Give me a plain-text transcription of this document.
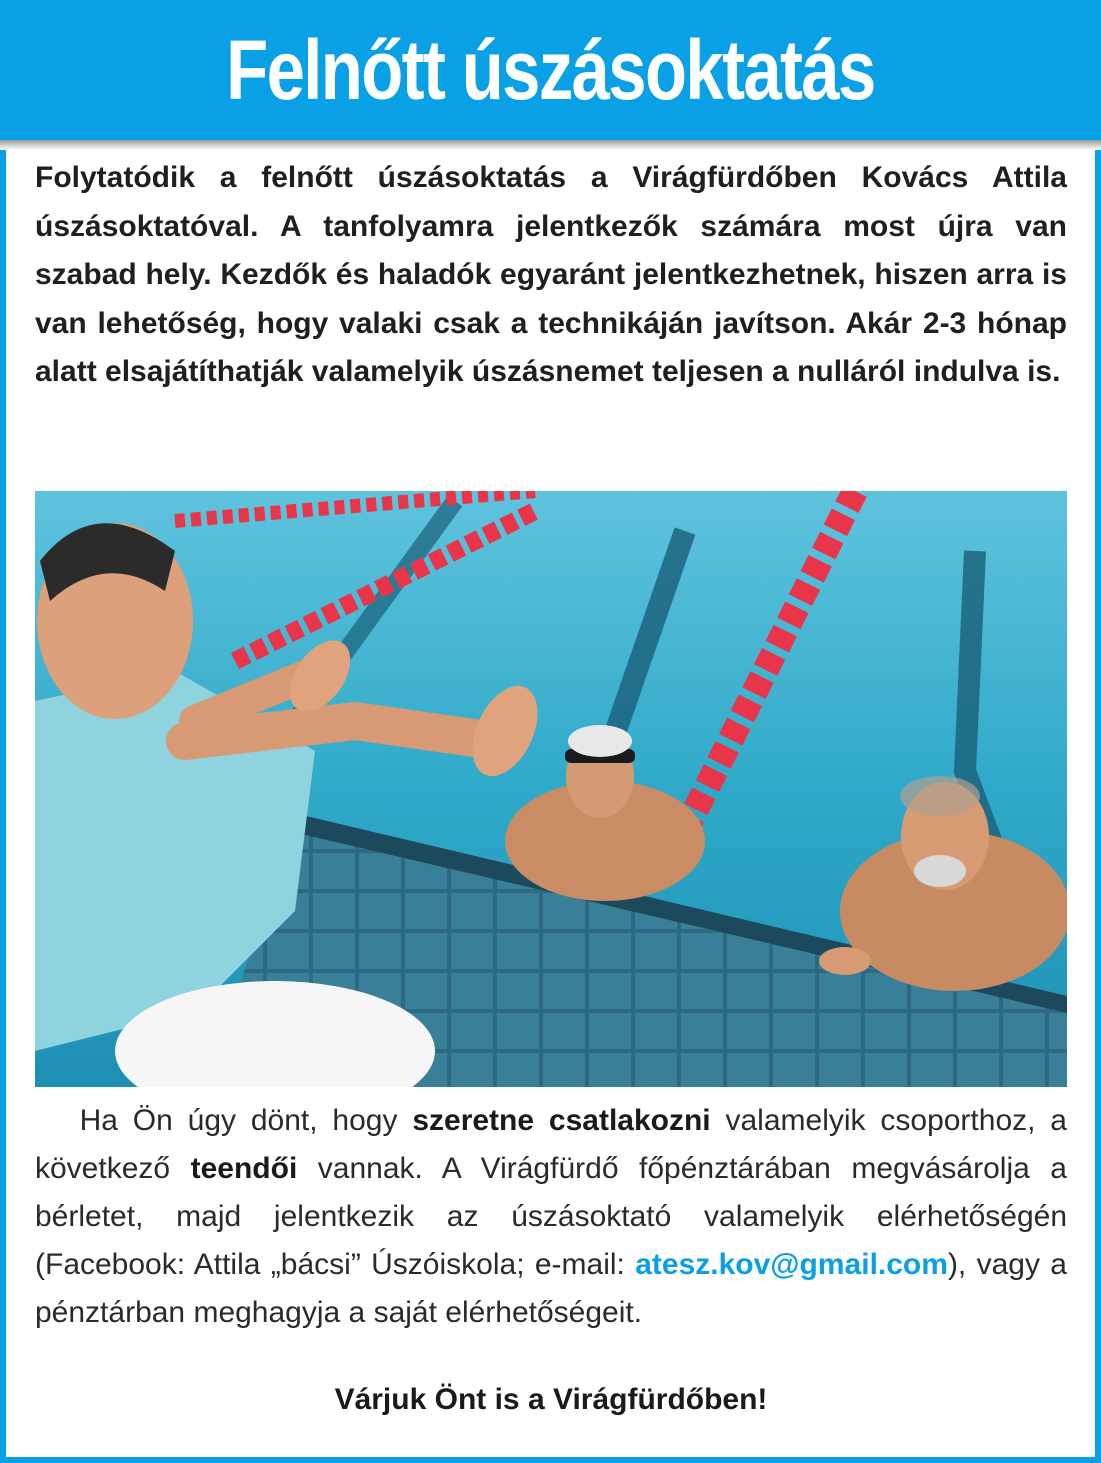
Felnőtt úszásoktatás

Folytatódik a felnőtt úszásoktatás a Virágfürdőben Kovács Attila úszásoktatóval. A tanfolyamra jelentkezők számára most újra van szabad hely. Kezdők és haladók egyaránt jelentkezhetnek, hiszen arra is van lehetőség, hogy valaki csak a technikáján javítson. Akár 2-3 hónap alatt elsajátíthatják valamelyik úszásnemet teljesen a nulláról indulva is.

Ha Ön úgy dönt, hogy szeretne csatlakozni valamelyik csoporthoz, a következő teendői vannak. A Virágfürdő főpénztárában megvásárolja a bérletet, majd jelentkezik az úszásoktató valamelyik elérhetőségén (Facebook: Attila „bácsi” Úszóiskola; e-mail: atesz.kov@gmail.com), vagy a pénztárban meghagyja a saját elérhetőségeit.

Várjuk Önt is a Virágfürdőben!
